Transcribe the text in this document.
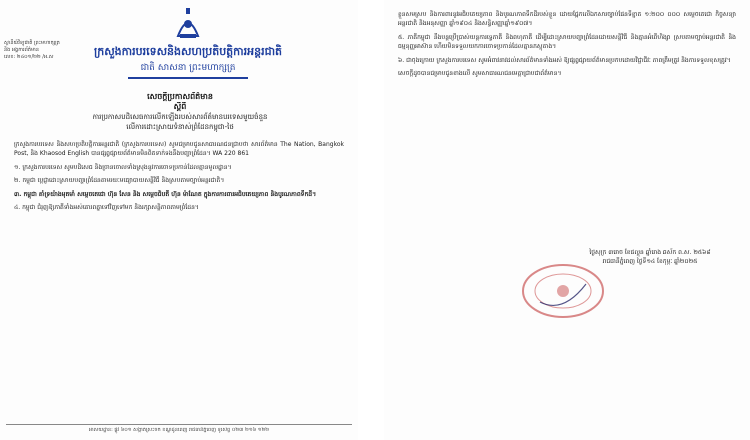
ក្រសួងការបរទេសនិងសហប្រតិបត្តិការអន្តរជាតិ
ជាតិ សាសនា ព្រះមហាក្សត្រ
ស្ថានីយ៍វិទ្យុជាតិ ព្រះមហាក្សត្រ
និង អង្គការព័ត៌មាន
លេខ: ២៤០១/២២ /អ.ស
សេចក្តីប្រកាសព័ត៌មាន
ស្តីពី
ការប្រកាសបដិសេធការលើកឡើងរបស់សារព័ត៌មានបរទេសមួយចំនួន
លើការដោះស្រាយទំនាស់ព្រំដែនកម្ពុជា-ថៃ

ក្រសួងការបរទេស និងសហប្រតិបត្តិការអន្តរជាតិ (ក្រសួងការបរទេស) សូមជម្រាបជូនសាធារណជនជ្រាបថា សារព័ត៌មាន The Nation, Bangkok Post, និង Khaosod English បានផ្សព្វផ្សាយព័ត៌មានមិនពិតទាក់ទងនឹងបញ្ហាព្រំដែន។ WA 220 861

១. ក្រសួងការបរទេស សូមបដិសេធ និងច្រានចោលទាំងស្រុងនូវការចោទប្រកាន់ដែលគ្មានមូលដ្ឋាន។

២. កម្ពុជា ប្តេជ្ញាដោះស្រាយបញ្ហាព្រំដែនតាមរយៈមធ្យោបាយសន្តិវិធី និងស្របតាមច្បាប់អន្តរជាតិ។

៣. កម្ពុជា គាំទ្រយ៉ាងមុតមាំ សម្ដេចតេជោ ហ៊ុន សែន និង សម្ដេចធិបតី ហ៊ុន ម៉ាណែត ក្នុងការការពារអធិបតេយ្យភាព និងបូរណភាពទឹកដី។

៤. កម្ពុជា ជំរុញឱ្យភាគីទាំងអស់គោរពគ្នាទៅវិញទៅមក និងរក្សាសន្តិភាពតាមព្រំដែន។

អាសយដ្ឋាន: ផ្លូវ ៦០១ សង្កាត់ស្រះចក ខណ្ឌដូនពេញ រាជធានីភ្នំពេញ ទូរស័ព្ទ ០២៣ ២១៦ ១២២

ខ្លួនសមស្រប និងការពារនូវអធិបតេយ្យភាព និងបូរណភាពទឹកដីរបស់ខ្លួន ដោយផ្អែកលើឯកសារច្បាប់ផែនទីខ្នាត ១:២០០ ០០០ សម្ដេចតេជោ កិច្ចសន្យាអន្តរជាតិ និងអនុសញ្ញា ឆ្នាំ១៩០៤ និងសន្ធិសញ្ញាឆ្នាំ១៩០៧។

៥. ភាគីកម្ពុជា នឹងបន្តប្រើប្រាស់យន្តការទ្វេភាគី និងពហុភាគី ដើម្បីដោះស្រាយបញ្ហាព្រំដែនដោយសន្តិវិធី និងគ្មានអំពើហិង្សា ស្របតាមច្បាប់អន្តរជាតិ និងធម្មនុញ្ញអាស៊ាន ហើយមិនទទួលយកការចោទប្រកាន់ដែលគ្មានភស្តុតាង។

៦. ជាចុងក្រោយ ក្រសួងការបរទេស សូមអំពាវនាវដល់សារព័ត៌មានទាំងអស់ ឱ្យផ្សព្វផ្សាយព័ត៌មានប្រកបដោយវិជ្ជាជីវៈ ភាពត្រឹមត្រូវ និងការទទួលខុសត្រូវ។

សេចក្តីដូចបានជម្រាបជូនខាងលើ សូមសាធារណជនមេត្តាជ្រាបជាព័ត៌មាន។

ថ្ងៃសុក្រ ៣រោច ខែផល្គុន ឆ្នាំរោង ឆស័ក ព.ស. ២៥៦៨
រាជធានីភ្នំពេញ ថ្ងៃទី១៤ ខែកុម្ភៈ ឆ្នាំ២០២៥
